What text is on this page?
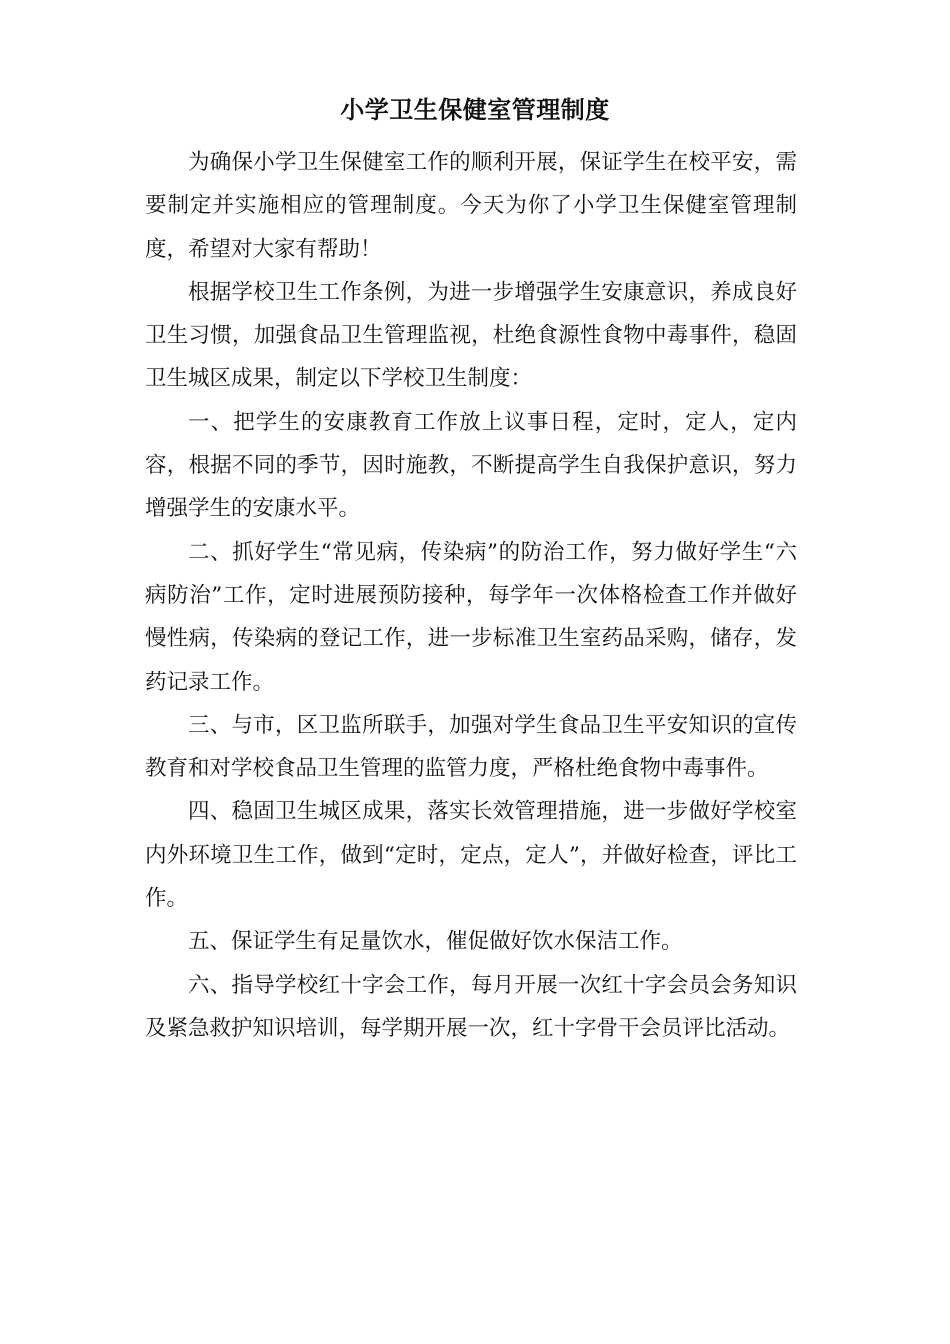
小学卫生保健室管理制度

为确保小学卫生保健室工作的顺利开展，保证学生在校平安，需要制定并实施相应的管理制度。今天为你了小学卫生保健室管理制度，希望对大家有帮助！

根据学校卫生工作条例，为进一步增强学生安康意识，养成良好卫生习惯，加强食品卫生管理监视，杜绝食源性食物中毒事件，稳固卫生城区成果，制定以下学校卫生制度：

一、把学生的安康教育工作放上议事日程，定时，定人，定内容，根据不同的季节，因时施教，不断提高学生自我保护意识，努力增强学生的安康水平。

二、抓好学生“常见病，传染病”的防治工作，努力做好学生“六病防治”工作，定时进展预防接种，每学年一次体格检查工作并做好慢性病，传染病的登记工作，进一步标准卫生室药品采购，储存，发药记录工作。

三、与市，区卫监所联手，加强对学生食品卫生平安知识的宣传教育和对学校食品卫生管理的监管力度，严格杜绝食物中毒事件。

四、稳固卫生城区成果，落实长效管理措施，进一步做好学校室内外环境卫生工作，做到“定时，定点，定人”，并做好检查，评比工作。

五、保证学生有足量饮水，催促做好饮水保洁工作。

六、指导学校红十字会工作，每月开展一次红十字会员会务知识及紧急救护知识培训，每学期开展一次，红十字骨干会员评比活动。
